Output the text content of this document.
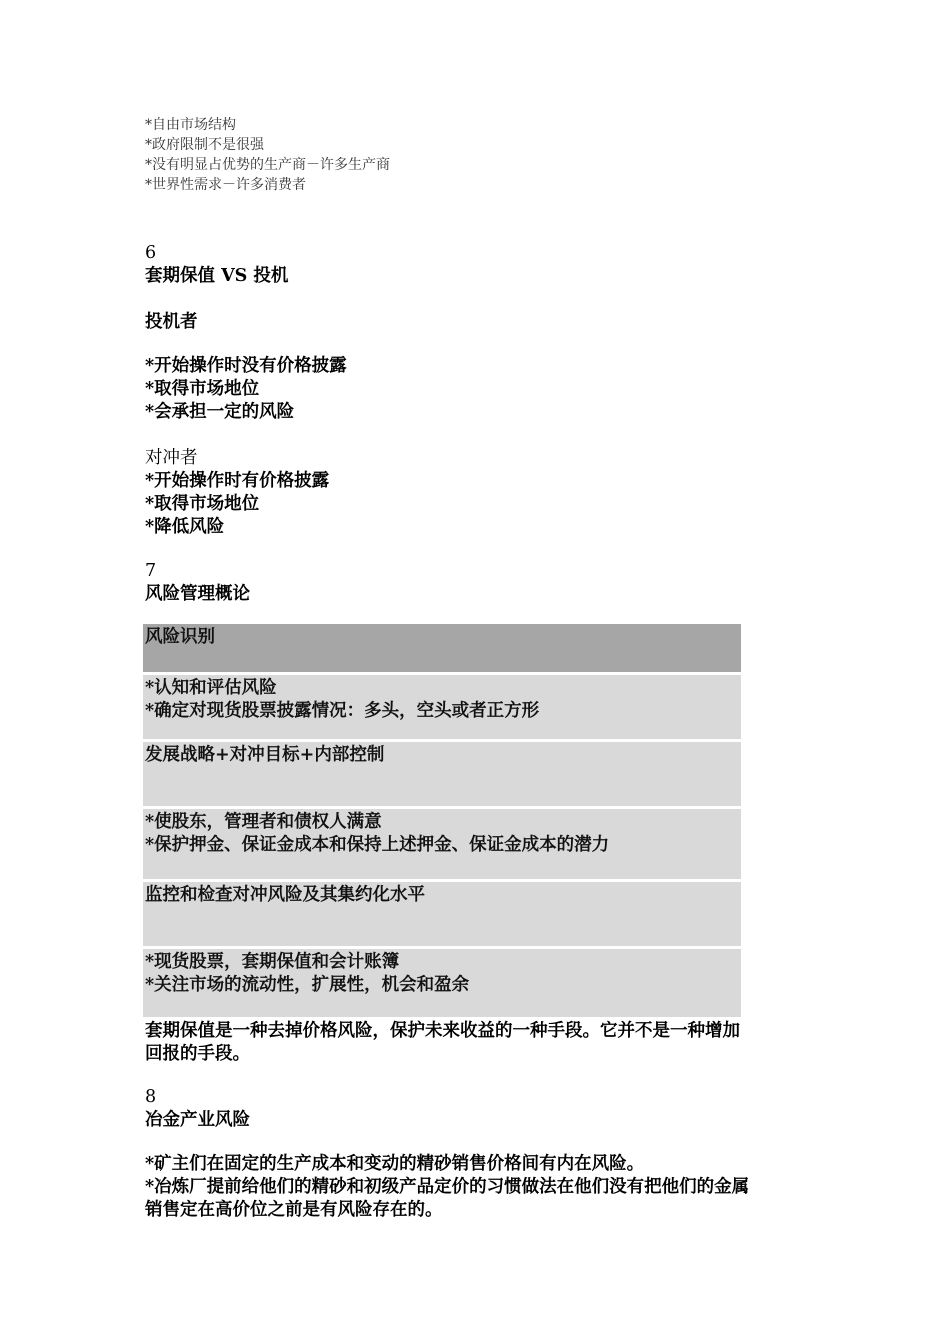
*自由市场结构
*政府限制不是很强
*没有明显占优势的生产商－许多生产商
*世界性需求－许多消费者
6
套期保值 VS 投机
投机者
*开始操作时没有价格披露
*取得市场地位
*会承担一定的风险
对冲者
*开始操作时有价格披露
*取得市场地位
*降低风险
7
风险管理概论
风险识别
*认知和评估风险
*确定对现货股票披露情况：多头，空头或者正方形
发展战略+对冲目标+内部控制
*使股东，管理者和债权人满意
*保护押金、保证金成本和保持上述押金、保证金成本的潜力
监控和检查对冲风险及其集约化水平
*现货股票，套期保值和会计账簿
*关注市场的流动性，扩展性，机会和盈余
套期保值是一种去掉价格风险，保护未来收益的一种手段。它并不是一种增加
回报的手段。
8
冶金产业风险
*矿主们在固定的生产成本和变动的精砂销售价格间有内在风险。
*冶炼厂提前给他们的精砂和初级产品定价的习惯做法在他们没有把他们的金属
销售定在高价位之前是有风险存在的。
